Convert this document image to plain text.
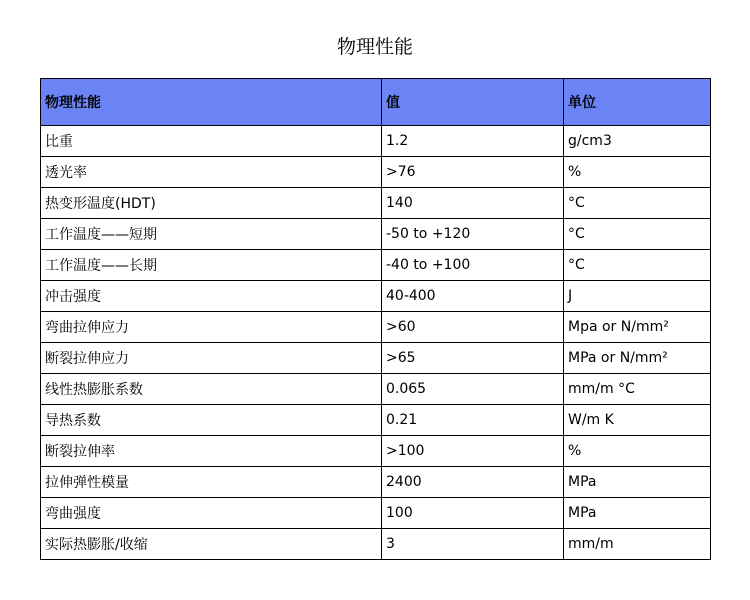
物理性能
物理性能	值	单位
比重	1.2	g/cm3
透光率	>76	%
热变形温度(HDT)	140	°C
工作温度——短期	-50 to +120	°C
工作温度——长期	-40 to +100	°C
冲击强度	40-400	J
弯曲拉伸应力	>60	Mpa or N/mm²
断裂拉伸应力	>65	MPa or N/mm²
线性热膨胀系数	0.065	mm/m °C
导热系数	0.21	W/m K
断裂拉伸率	>100	%
拉伸弹性模量	2400	MPa
弯曲强度	100	MPa
实际热膨胀/收缩	3	mm/m
